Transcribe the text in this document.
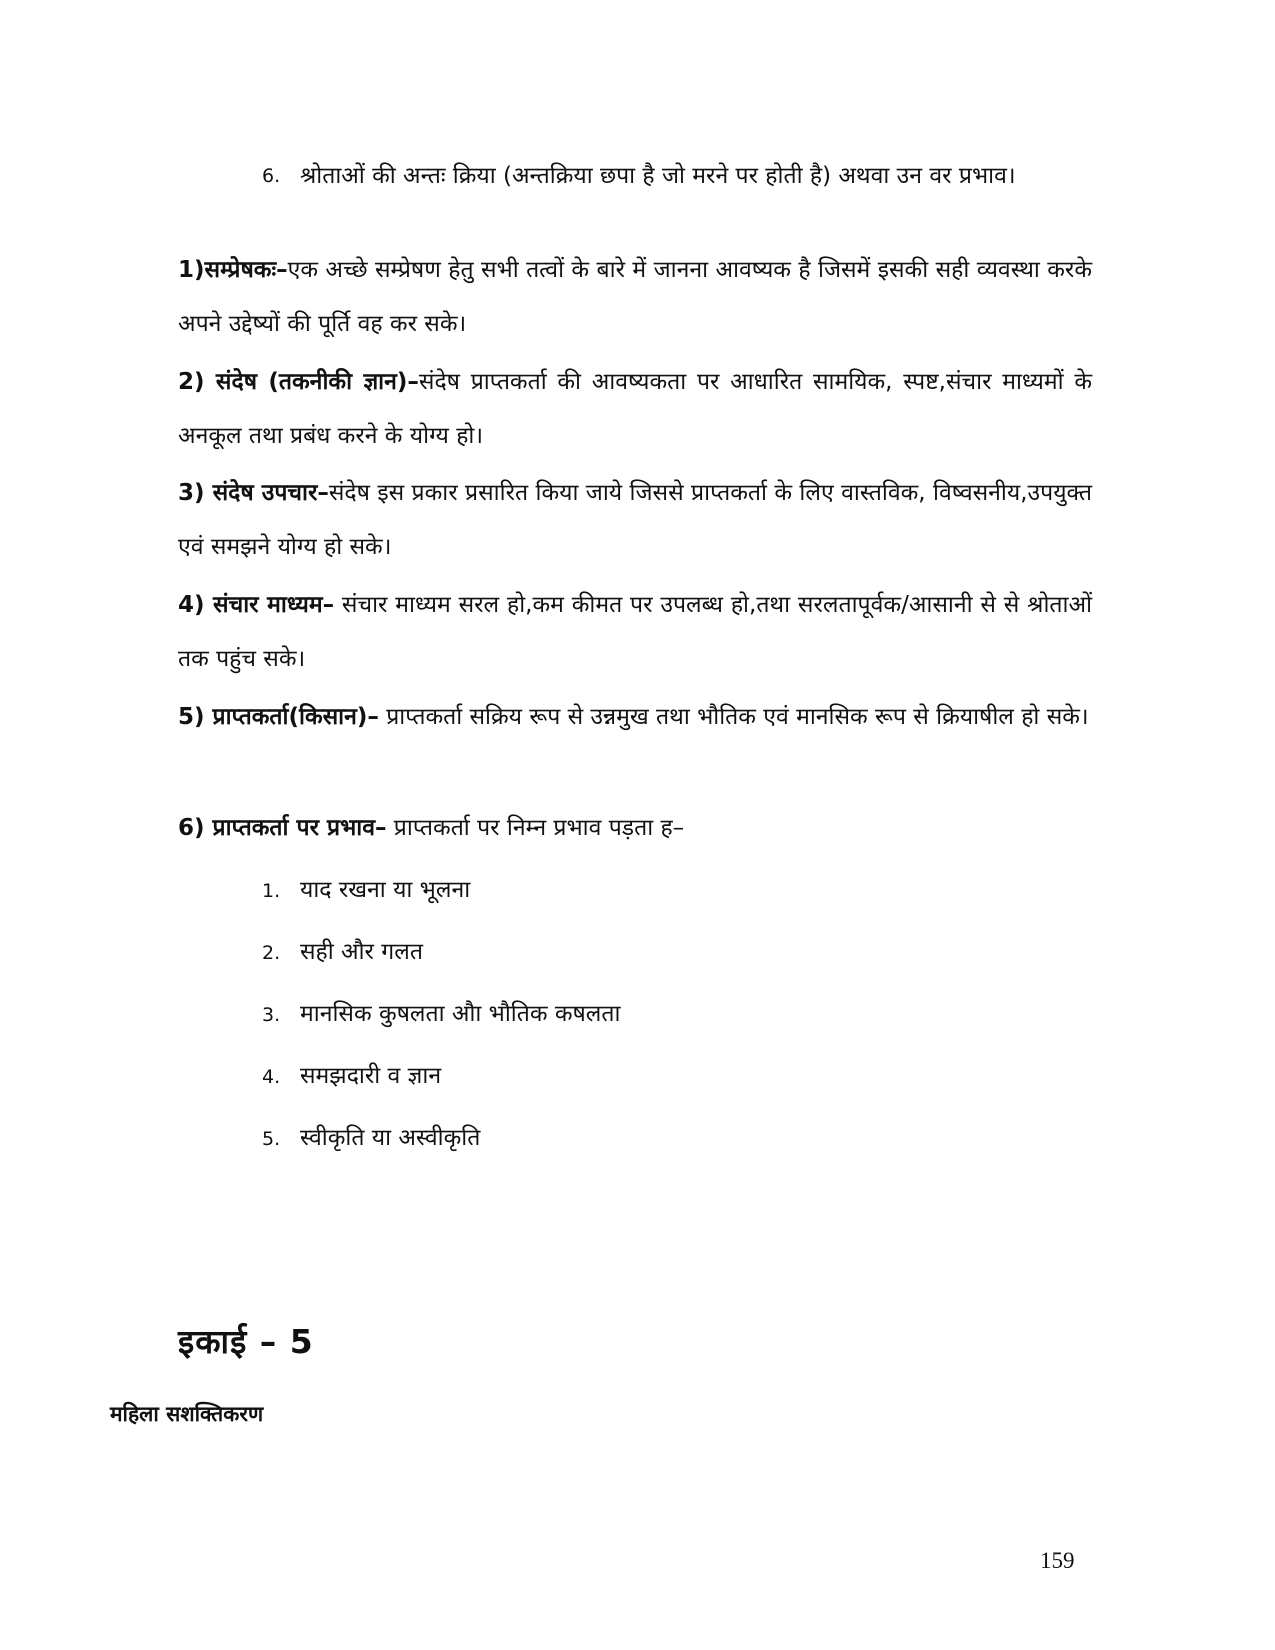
6. श्रोताओं की अन्तः क्रिया (अन्तक्रिया छपा है जो मरने पर होती है) अथवा उन वर प्रभाव।
1)सम्प्रेषकः–एक अच्छे सम्प्रेषण हेतु सभी तत्वों के बारे में जानना आवष्यक है जिसमें इसकी सही व्यवस्था करके अपने उद्देष्यों की पूर्ति वह कर सके।
2) संदेष (तकनीकी ज्ञान)–संदेष प्राप्तकर्ता की आवष्यकता पर आधारित सामयिक, स्पष्ट,संचार माध्यमों के अनकूल तथा प्रबंध करने के योग्य हो।
3) संदेष उपचार–संदेष इस प्रकार प्रसारित किया जाये जिससे प्राप्तकर्ता के लिए वास्तविक, विष्वसनीय,उपयुक्त एवं समझने योग्य हो सके।
4) संचार माध्यम– संचार माध्यम सरल हो,कम कीमत पर उपलब्ध हो,तथा सरलतापूर्वक/आसानी से से श्रोताओं तक पहुंच सके।
5) प्राप्तकर्ता(किसान)– प्राप्तकर्ता सक्रिय रूप से उन्नमुख तथा भौतिक एवं मानसिक रूप से क्रियाषील हो सके।
6) प्राप्तकर्ता पर प्रभाव– प्राप्तकर्ता पर निम्न प्रभाव पड़ता ह–
1. याद रखना या भूलना
2. सही और गलत
3. मानसिक कुषलता औा भौतिक कषलता
4. समझदारी व ज्ञान
5. स्वीकृति या अस्वीकृति
इकाई – 5
महिला सशक्तिकरण
159
